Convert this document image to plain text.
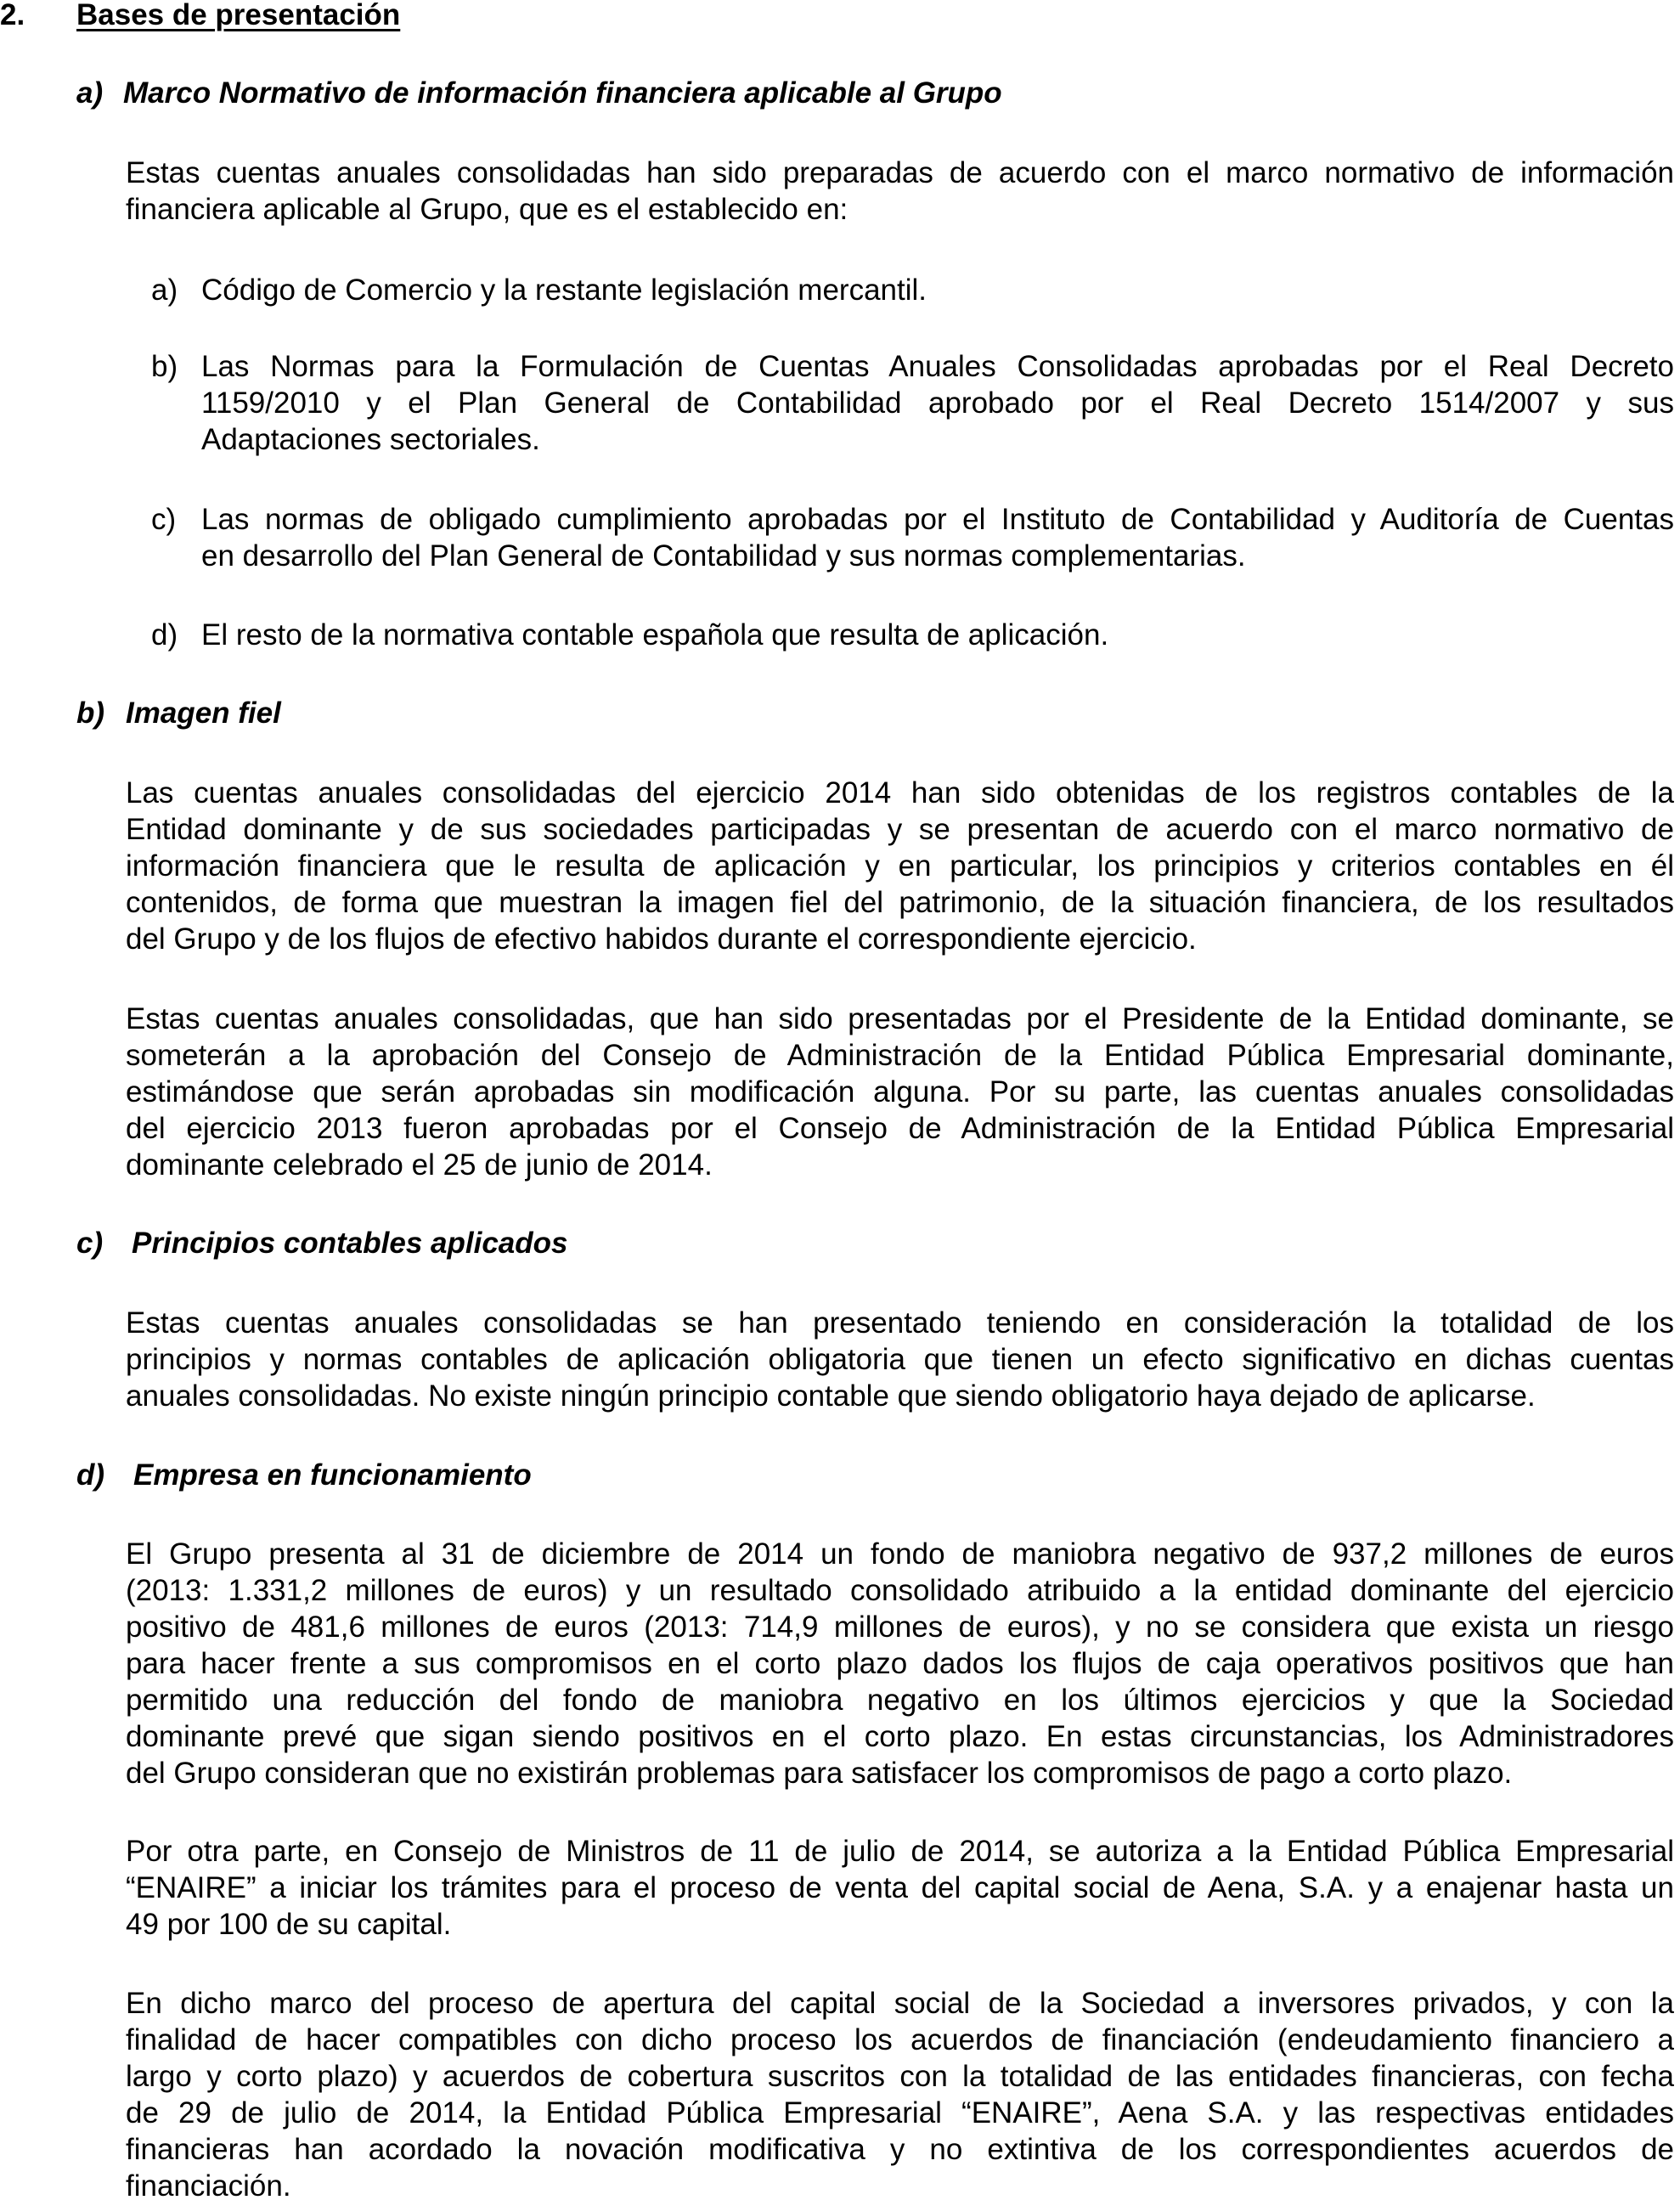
2. Bases de presentación
a) Marco Normativo de información financiera aplicable al Grupo
Estas cuentas anuales consolidadas han sido preparadas de acuerdo con el marco normativo de información
financiera aplicable al Grupo, que es el establecido en:
a) Código de Comercio y la restante legislación mercantil.
b) Las Normas para la Formulación de Cuentas Anuales Consolidadas aprobadas por el Real Decreto
1159/2010 y el Plan General de Contabilidad aprobado por el Real Decreto 1514/2007 y sus
Adaptaciones sectoriales.
c) Las normas de obligado cumplimiento aprobadas por el Instituto de Contabilidad y Auditoría de Cuentas
en desarrollo del Plan General de Contabilidad y sus normas complementarias.
d) El resto de la normativa contable española que resulta de aplicación.
b) Imagen fiel
Las cuentas anuales consolidadas del ejercicio 2014 han sido obtenidas de los registros contables de la
Entidad dominante y de sus sociedades participadas y se presentan de acuerdo con el marco normativo de
información financiera que le resulta de aplicación y en particular, los principios y criterios contables en él
contenidos, de forma que muestran la imagen fiel del patrimonio, de la situación financiera, de los resultados
del Grupo y de los flujos de efectivo habidos durante el correspondiente ejercicio.
Estas cuentas anuales consolidadas, que han sido presentadas por el Presidente de la Entidad dominante, se
someterán a la aprobación del Consejo de Administración de la Entidad Pública Empresarial dominante,
estimándose que serán aprobadas sin modificación alguna. Por su parte, las cuentas anuales consolidadas
del ejercicio 2013 fueron aprobadas por el Consejo de Administración de la Entidad Pública Empresarial
dominante celebrado el 25 de junio de 2014.
c) Principios contables aplicados
Estas cuentas anuales consolidadas se han presentado teniendo en consideración la totalidad de los
principios y normas contables de aplicación obligatoria que tienen un efecto significativo en dichas cuentas
anuales consolidadas. No existe ningún principio contable que siendo obligatorio haya dejado de aplicarse.
d) Empresa en funcionamiento
El Grupo presenta al 31 de diciembre de 2014 un fondo de maniobra negativo de 937,2 millones de euros
(2013: 1.331,2 millones de euros) y un resultado consolidado atribuido a la entidad dominante del ejercicio
positivo de 481,6 millones de euros (2013: 714,9 millones de euros), y no se considera que exista un riesgo
para hacer frente a sus compromisos en el corto plazo dados los flujos de caja operativos positivos que han
permitido una reducción del fondo de maniobra negativo en los últimos ejercicios y que la Sociedad
dominante prevé que sigan siendo positivos en el corto plazo. En estas circunstancias, los Administradores
del Grupo consideran que no existirán problemas para satisfacer los compromisos de pago a corto plazo.
Por otra parte, en Consejo de Ministros de 11 de julio de 2014, se autoriza a la Entidad Pública Empresarial
“ENAIRE” a iniciar los trámites para el proceso de venta del capital social de Aena, S.A. y a enajenar hasta un
49 por 100 de su capital.
En dicho marco del proceso de apertura del capital social de la Sociedad a inversores privados, y con la
finalidad de hacer compatibles con dicho proceso los acuerdos de financiación (endeudamiento financiero a
largo y corto plazo) y acuerdos de cobertura suscritos con la totalidad de las entidades financieras, con fecha
de 29 de julio de 2014, la Entidad Pública Empresarial “ENAIRE”, Aena S.A. y las respectivas entidades
financieras han acordado la novación modificativa y no extintiva de los correspondientes acuerdos de
financiación.
